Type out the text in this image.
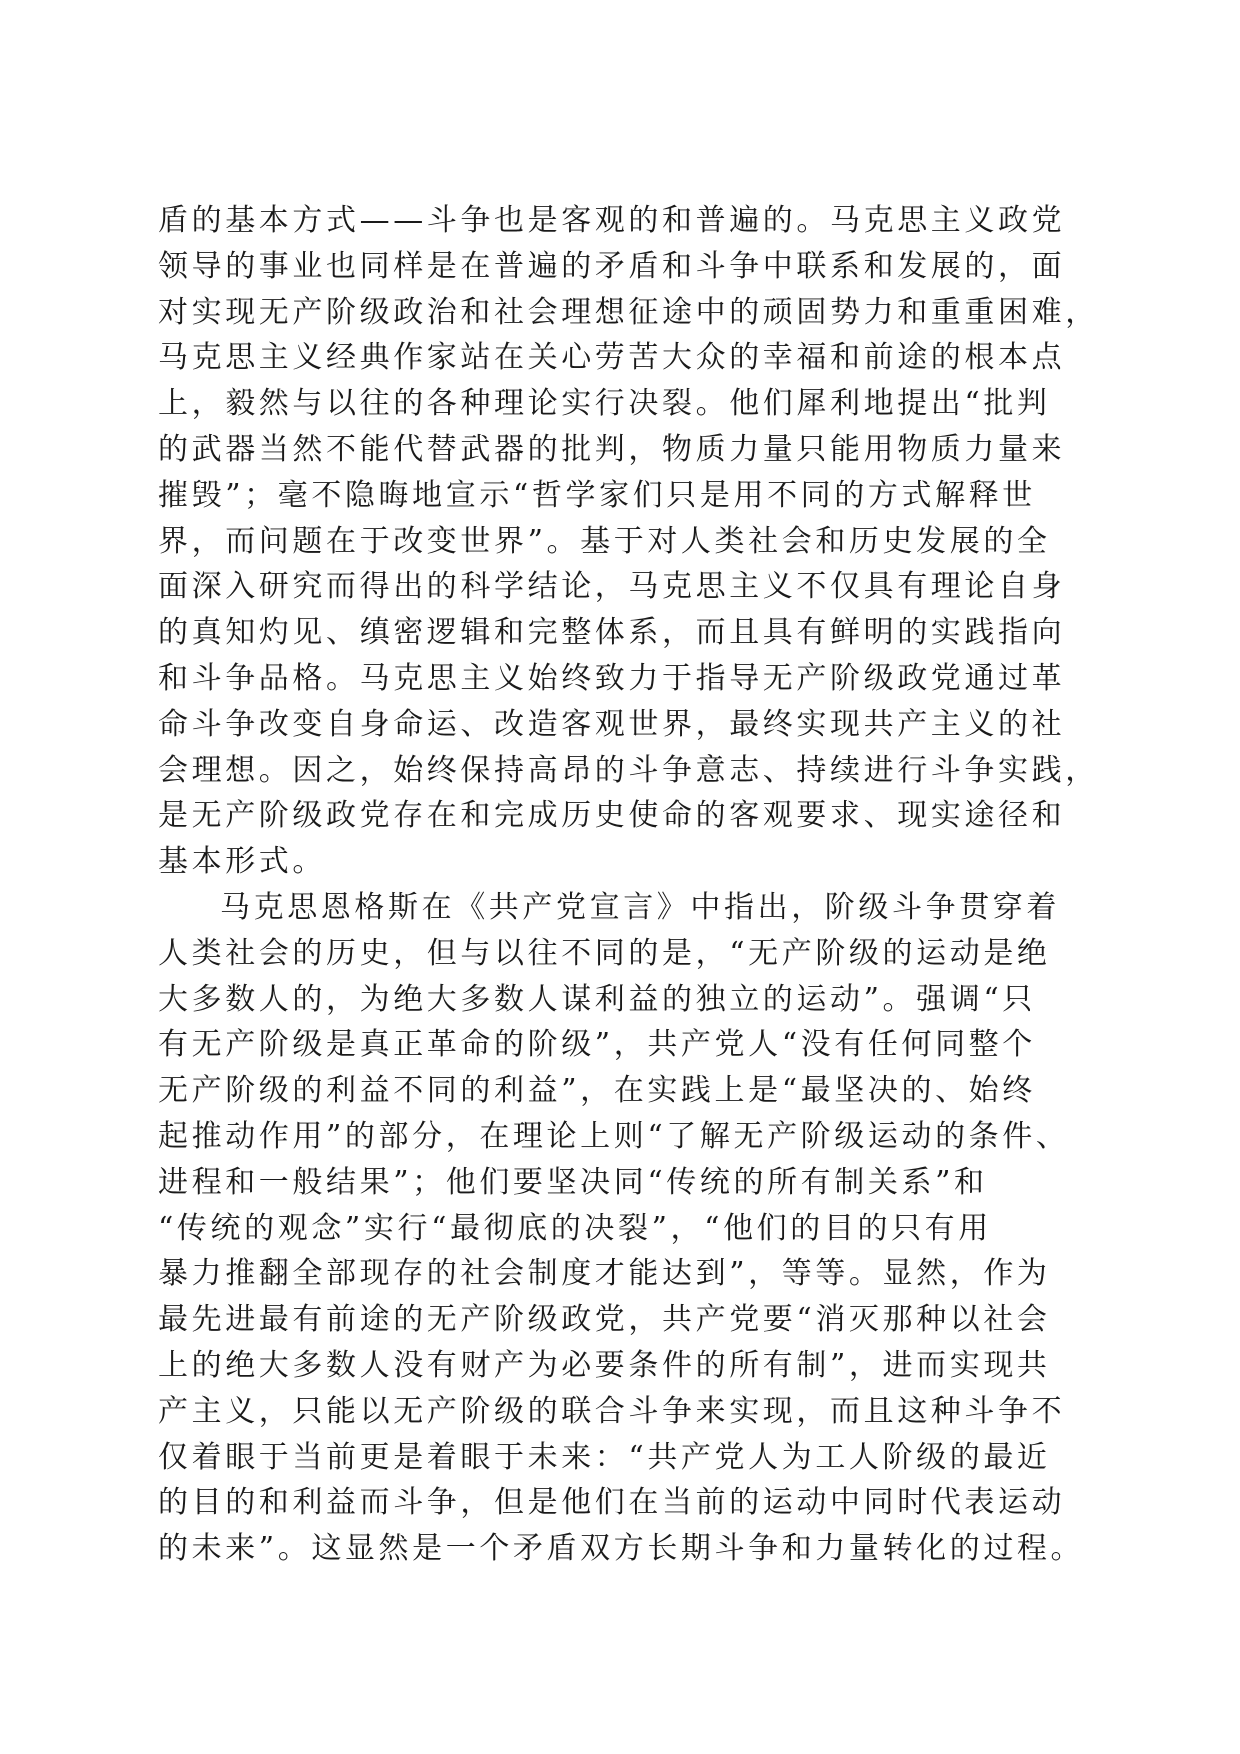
盾的基本方式——斗争也是客观的和普遍的。马克思主义政党
领导的事业也同样是在普遍的矛盾和斗争中联系和发展的，面
对实现无产阶级政治和社会理想征途中的顽固势力和重重困难，
马克思主义经典作家站在关心劳苦大众的幸福和前途的根本点
上，毅然与以往的各种理论实行决裂。他们犀利地提出“批判
的武器当然不能代替武器的批判，物质力量只能用物质力量来
摧毁”；毫不隐晦地宣示“哲学家们只是用不同的方式解释世
界，而问题在于改变世界”。基于对人类社会和历史发展的全
面深入研究而得出的科学结论，马克思主义不仅具有理论自身
的真知灼见、缜密逻辑和完整体系，而且具有鲜明的实践指向
和斗争品格。马克思主义始终致力于指导无产阶级政党通过革
命斗争改变自身命运、改造客观世界，最终实现共产主义的社
会理想。因之，始终保持高昂的斗争意志、持续进行斗争实践，
是无产阶级政党存在和完成历史使命的客观要求、现实途径和
基本形式。
马克思恩格斯在《共产党宣言》中指出，阶级斗争贯穿着
人类社会的历史，但与以往不同的是，“无产阶级的运动是绝
大多数人的，为绝大多数人谋利益的独立的运动”。强调“只
有无产阶级是真正革命的阶级”，共产党人“没有任何同整个
无产阶级的利益不同的利益”，在实践上是“最坚决的、始终
起推动作用”的部分，在理论上则“了解无产阶级运动的条件、
进程和一般结果”；他们要坚决同“传统的所有制关系”和
“传统的观念”实行“最彻底的决裂”，“他们的目的只有用
暴力推翻全部现存的社会制度才能达到”，等等。显然，作为
最先进最有前途的无产阶级政党，共产党要“消灭那种以社会
上的绝大多数人没有财产为必要条件的所有制”，进而实现共
产主义，只能以无产阶级的联合斗争来实现，而且这种斗争不
仅着眼于当前更是着眼于未来：“共产党人为工人阶级的最近
的目的和利益而斗争，但是他们在当前的运动中同时代表运动
的未来”。这显然是一个矛盾双方长期斗争和力量转化的过程。
